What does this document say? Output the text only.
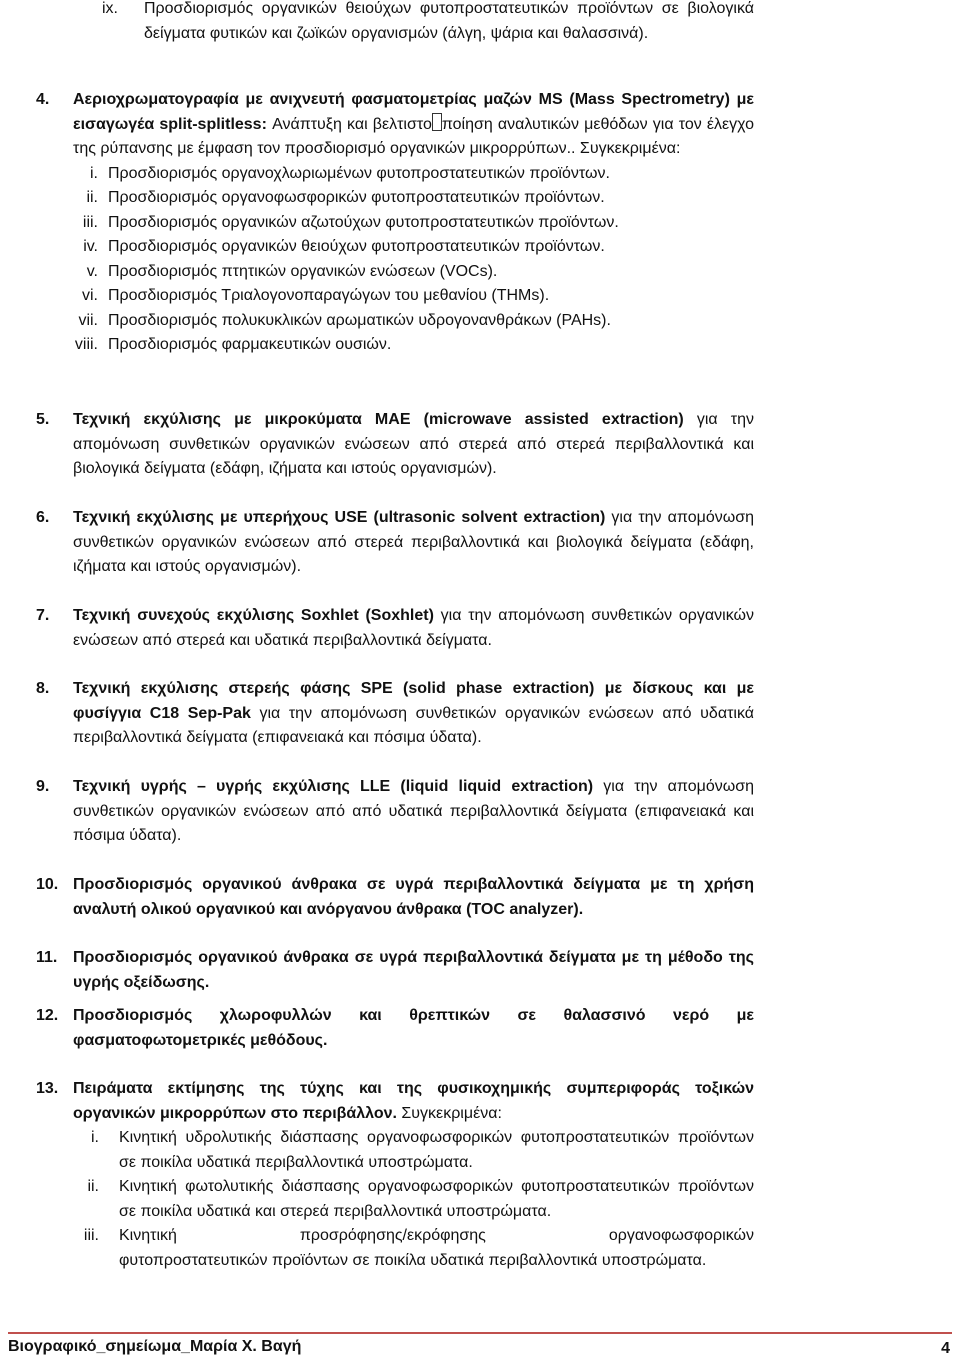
ix. Προσδιορισμός οργανικών θειούχων φυτοπροστατευτικών προϊόντων σε βιολογικά δείγματα φυτικών και ζωϊκών οργανισμών (άλγη, ψάρια και θαλασσινά).
4. Αεριοχρωματογραφία με ανιχνευτή φασματομετρίας μαζών MS (Mass Spectrometry) με εισαγωγέα split-splitless: Ανάπτυξη και βελτιστο ποίηση αναλυτικών μεθόδων για τον έλεγχο της ρύπανσης με έμφαση τον προσδιορισμό οργανικών μικρορρύπων.. Συγκεκριμένα:
i. Προσδιορισμός οργανοχλωριωμένων φυτοπροστατευτικών προϊόντων.
ii. Προσδιορισμός οργανοφωσφορικών φυτοπροστατευτικών προϊόντων.
iii. Προσδιορισμός οργανικών αζωτούχων φυτοπροστατευτικών προϊόντων.
iv. Προσδιορισμός οργανικών θειούχων φυτοπροστατευτικών προϊόντων.
v. Προσδιορισμός πτητικών οργανικών ενώσεων (VOCs).
vi. Προσδιορισμός Τριαλογονοπαραγώγων του μεθανίου (THMs).
vii. Προσδιορισμός πολυκυκλικών αρωματικών υδρογονανθράκων (PAHs).
viii. Προσδιορισμός φαρμακευτικών ουσιών.
5. Τεχνική εκχύλισης με μικροκύματα MAE (microwave assisted extraction) για την απομόνωση συνθετικών οργανικών ενώσεων από στερεά από στερεά περιβαλλοντικά και βιολογικά δείγματα (εδάφη, ιζήματα και ιστούς οργανισμών).
6. Τεχνική εκχύλισης με υπερήχους USE (ultrasonic solvent extraction) για την απομόνωση συνθετικών οργανικών ενώσεων από στερεά περιβαλλοντικά και βιολογικά δείγματα (εδάφη, ιζήματα και ιστούς οργανισμών).
7. Τεχνική συνεχούς εκχύλισης Soxhlet (Soxhlet) για την απομόνωση συνθετικών οργανικών ενώσεων από στερεά και υδατικά περιβαλλοντικά δείγματα.
8. Τεχνική εκχύλισης στερεής φάσης SPE (solid phase extraction) με δίσκους και με φυσίγγια C18 Sep-Pak για την απομόνωση συνθετικών οργανικών ενώσεων από υδατικά περιβαλλοντικά δείγματα (επιφανειακά και πόσιμα ύδατα).
9. Τεχνική υγρής – υγρής εκχύλισης LLE (liquid liquid extraction) για την απομόνωση συνθετικών οργανικών ενώσεων από από υδατικά περιβαλλοντικά δείγματα (επιφανειακά και πόσιμα ύδατα).
10. Προσδιορισμός οργανικού άνθρακα σε υγρά περιβαλλοντικά δείγματα με τη χρήση αναλυτή ολικού οργανικού και ανόργανου άνθρακα (TOC analyzer).
11. Προσδιορισμός οργανικού άνθρακα σε υγρά περιβαλλοντικά δείγματα με τη μέθοδο της υγρής οξείδωσης.
12. Προσδιορισμός χλωροφυλλών και θρεπτικών σε θαλασσινό νερό με φασματοφωτομετρικές μεθόδους.
13. Πειράματα εκτίμησης της τύχης και της φυσικοχημικής συμπεριφοράς τοξικών οργανικών μικρορρύπων στο περιβάλλον. Συγκεκριμένα:
i. Κινητική υδρολυτικής διάσπασης οργανοφωσφορικών φυτοπροστατευτικών προϊόντων σε ποικίλα υδατικά περιβαλλοντικά υποστρώματα.
ii. Κινητική φωτολυτικής διάσπασης οργανοφωσφορικών φυτοπροστατευτικών προϊόντων σε ποικίλα υδατικά και στερεά περιβαλλοντικά υποστρώματα.
iii. Κινητική προσρόφησης/εκρόφησης οργανοφωσφορικών
φυτοπροστατευτικών προϊόντων σε ποικίλα υδατικά περιβαλλοντικά υποστρώματα.
Βιογραφικό_σημείωμα_Μαρία Χ. Βαγή	4
